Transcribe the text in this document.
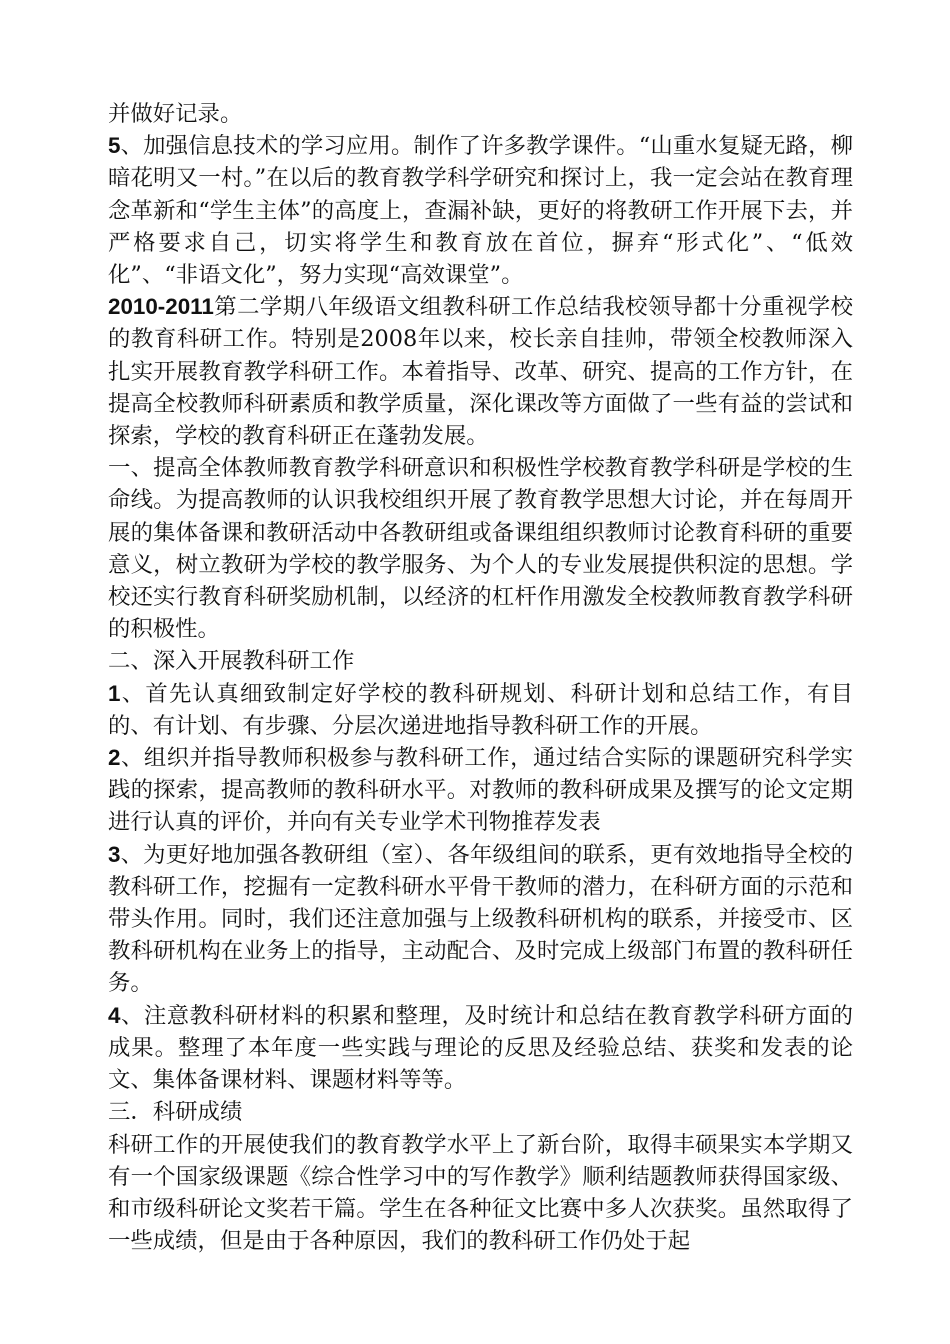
并做好记录。

5、加强信息技术的学习应用。制作了许多教学课件。“山重水复疑无路，柳暗花明又一村。”在以后的教育教学科学研究和探讨上，我一定会站在教育理念革新和“学生主体”的高度上，查漏补缺，更好的将教研工作开展下去，并严格要求自己，切实将学生和教育放在首位，摒弃“形式化”、“低效化”、“非语文化”，努力实现“高效课堂”。

2010-2011第二学期八年级语文组教科研工作总结我校领导都十分重视学校的教育科研工作。特别是2008年以来，校长亲自挂帅，带领全校教师深入扎实开展教育教学科研工作。本着指导、改革、研究、提高的工作方针，在提高全校教师科研素质和教学质量，深化课改等方面做了一些有益的尝试和探索，学校的教育科研正在蓬勃发展。

一、提高全体教师教育教学科研意识和积极性学校教育教学科研是学校的生命线。为提高教师的认识我校组织开展了教育教学思想大讨论，并在每周开展的集体备课和教研活动中各教研组或备课组组织教师讨论教育科研的重要意义，树立教研为学校的教学服务、为个人的专业发展提供积淀的思想。学校还实行教育科研奖励机制，以经济的杠杆作用激发全校教师教育教学科研的积极性。

二、深入开展教科研工作

1、首先认真细致制定好学校的教科研规划、科研计划和总结工作，有目的、有计划、有步骤、分层次递进地指导教科研工作的开展。

2、组织并指导教师积极参与教科研工作，通过结合实际的课题研究科学实践的探索，提高教师的教科研水平。对教师的教科研成果及撰写的论文定期进行认真的评价，并向有关专业学术刊物推荐发表

3、为更好地加强各教研组（室）、各年级组间的联系，更有效地指导全校的教科研工作，挖掘有一定教科研水平骨干教师的潜力，在科研方面的示范和带头作用。同时，我们还注意加强与上级教科研机构的联系，并接受市、区教科研机构在业务上的指导，主动配合、及时完成上级部门布置的教科研任务。

4、注意教科研材料的积累和整理，及时统计和总结在教育教学科研方面的成果。整理了本年度一些实践与理论的反思及经验总结、获奖和发表的论文、集体备课材料、课题材料等等。

三．科研成绩

科研工作的开展使我们的教育教学水平上了新台阶，取得丰硕果实本学期又有一个国家级课题《综合性学习中的写作教学》顺利结题教师获得国家级、和市级科研论文奖若干篇。学生在各种征文比赛中多人次获奖。虽然取得了一些成绩，但是由于各种原因，我们的教科研工作仍处于起
